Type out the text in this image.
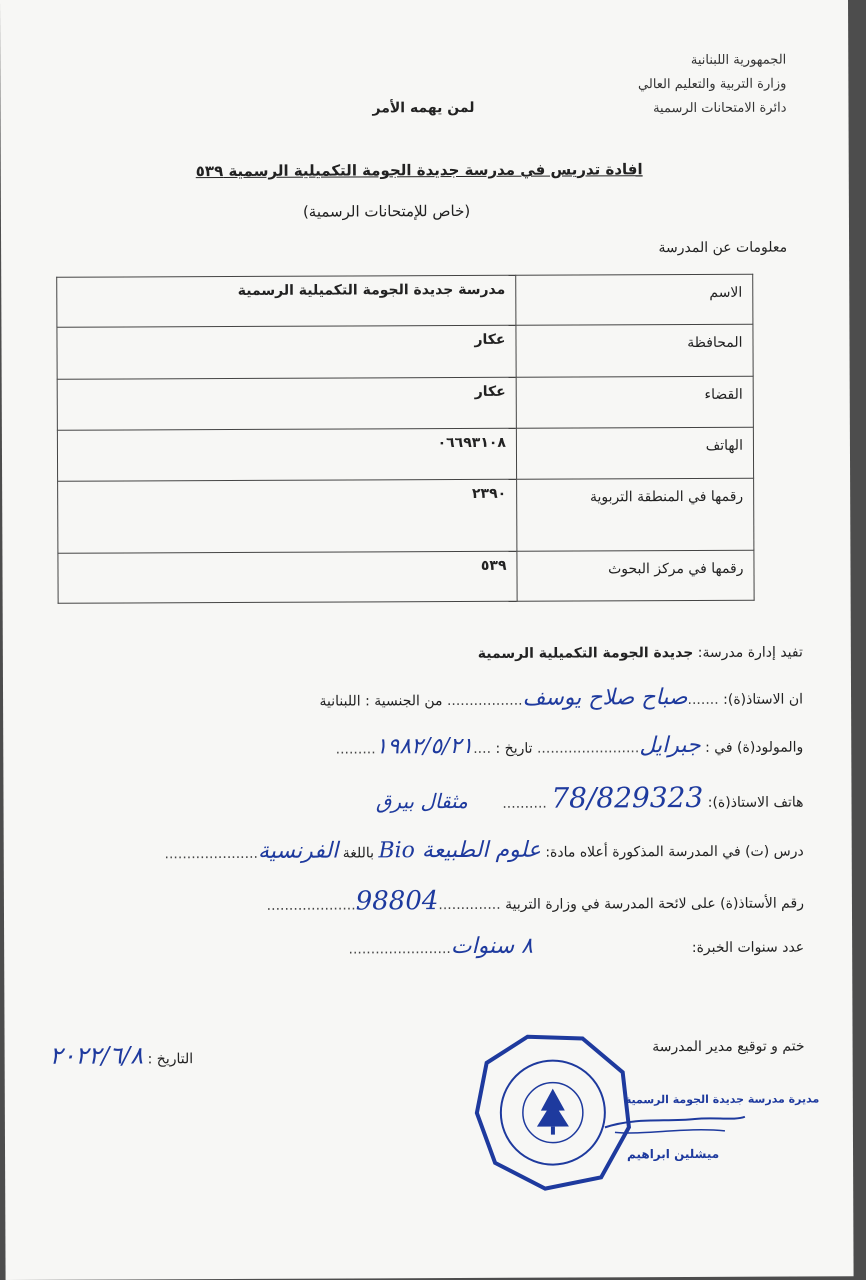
الجمهورية اللبنانية
وزارة التربية والتعليم العالي
دائرة الامتحانات الرسمية
لمن يهمه الأمر
افادة تدريس في مدرسة جديدة الجومة التكميلية الرسمية ٥٣٩
(خاص للإمتحانات الرسمية)
معلومات عن المدرسة
الاسم	مدرسة جديدة الجومة التكميلية الرسمية
المحافظة	عكار
القضاء	عكار
الهاتف	٠٦٦٩٣١٠٨
رقمها في المنطقة التربوية	٢٣٩٠
رقمها في مركز البحوث	٥٣٩
تفيد إدارة مدرسة: جديدة الجومة التكميلية الرسمية
ان الاستاذ(ة): .......صباح صلاح يوسف................. من الجنسية : اللبنانية
والمولود(ة) في : جبرايل....................... تاريخ : ....١٩٨٢/٥/٢١.........
هاتف الاستاذ(ة): 78/829323 .......... مثقال بيرق
درس (ت) في المدرسة المذكورة أعلاه مادة: علوم الطبيعة Bio باللغة الفرنسية.....................
رقم الأستاذ(ة) على لائحة المدرسة في وزارة التربية ..............98804....................
عدد سنوات الخبرة:  ٨ سنوات.......................
ختم و توقيع مدير المدرسة
التاريخ : ٢٠٢٢/٦/٨
مديرة مدرسة جديدة الجومة الرسمية
ميشلين ابراهيم
